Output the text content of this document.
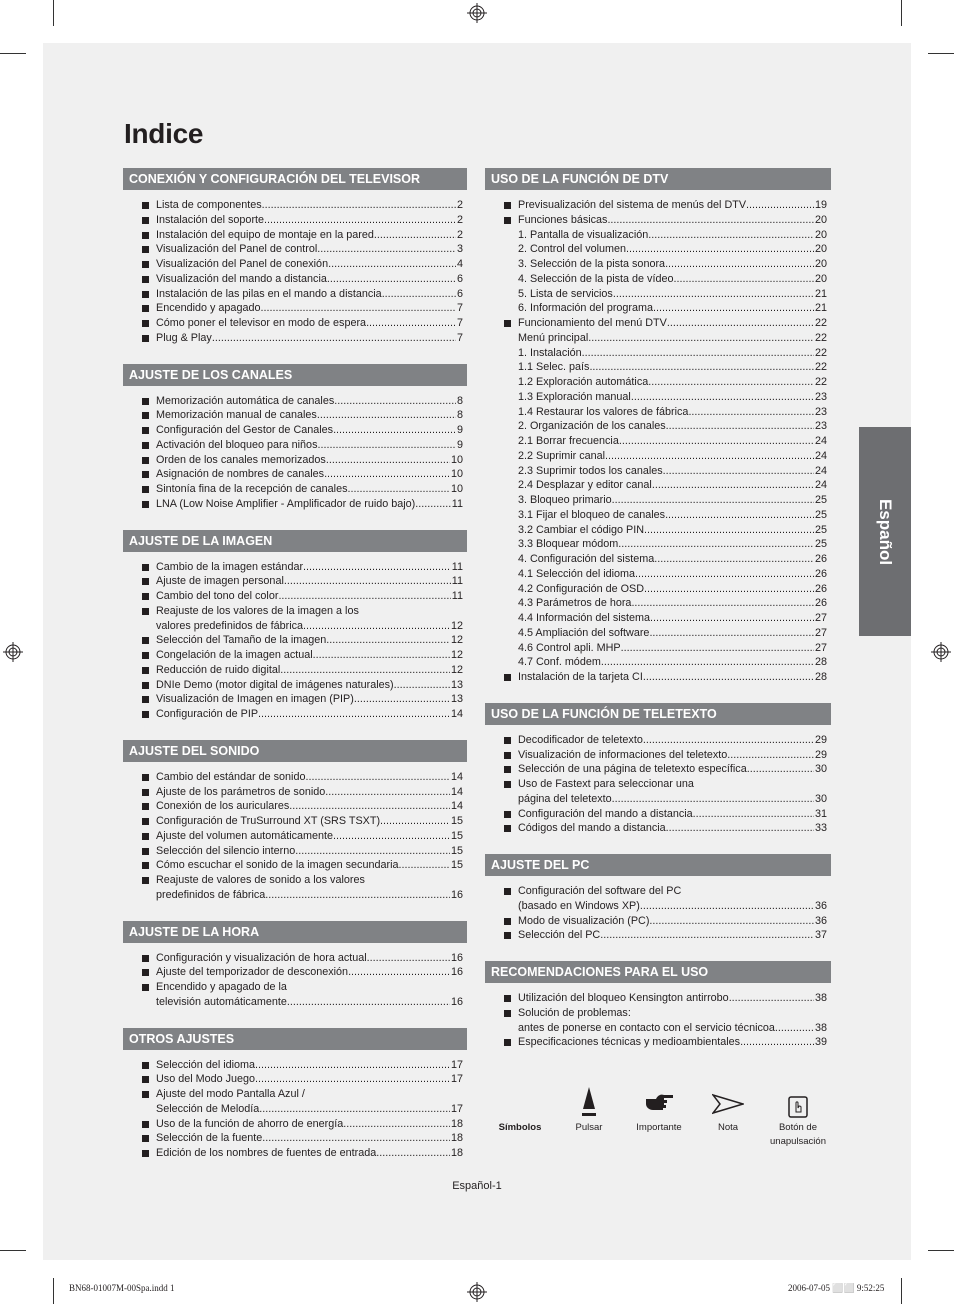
Indice
Español
CONEXIÓN Y CONFIGURACIÓN DEL TELEVISOR
Lista de componentes .....	2
Instalación del soporte .....	2
Instalación del equipo de montaje en la pared .....	2
Visualización del Panel de control .....	3
Visualización del Panel de conexión .....	4
Visualización del mando a distancia .....	6
Instalación de las pilas en el mando a distancia .....	6
Encendido y apagado .....	7
Cómo poner el televisor en modo de espera .....	7
Plug & Play .....	7
AJUSTE DE LOS CANALES
Memorización automática de canales .....	8
Memorización manual de canales .....	8
Configuración del Gestor de Canales .....	9
Activación del bloqueo para niños .....	9
Orden de los canales memorizados .....	10
Asignación de nombres de canales .....	10
Sintonía fina de la recepción de canales .....	10
LNA (Low Noise Amplifier - Amplificador de ruido bajo) .....	11
AJUSTE DE LA IMAGEN
Cambio de la imagen estándar .....	11
Ajuste de imagen personal .....	11
Cambio del tono del color .....	11
Reajuste de los valores de la imagen a los
valores predefinidos de fábrica .....	12
Selección del Tamaño de la imagen .....	12
Congelación de la imagen actual .....	12
Reducción de ruido digital .....	12
DNIe Demo (motor digital de imágenes naturales) .....	13
Visualización de Imagen en imagen (PIP) .....	13
Configuración de PIP .....	14
AJUSTE DEL SONIDO
Cambio del estándar de sonido .....	14
Ajuste de los parámetros de sonido .....	14
Conexión de los auriculares .....	14
Configuración de TruSurround XT (SRS TSXT) .....	15
Ajuste del volumen automáticamente .....	15
Selección del silencio interno .....	15
Cómo escuchar el sonido de la imagen secundaria .....	15
Reajuste de valores de sonido a los valores
predefinidos de fábrica .....	16
AJUSTE DE LA HORA
Configuración y visualización de hora actual .....	16
Ajuste del temporizador de desconexión .....	16
Encendido y apagado de la
televisión automáticamente .....	16
OTROS AJUSTES
Selección del idioma .....	17
Uso del Modo Juego .....	17
Ajuste del modo Pantalla Azul /
Selección de Melodía .....	17
Uso de la función de ahorro de energía .....	18
Selección de la fuente .....	18
Edición de los nombres de fuentes de entrada .....	18
USO DE LA FUNCIÓN DE DTV
Previsualización del sistema de menús del DTV .....	19
Funciones básicas .....	20
1. Pantalla de visualización .....	20
2. Control del volumen .....	20
3. Selección de la pista sonora .....	20
4. Selección de la pista de vídeo .....	20
5. Lista de servicios .....	21
6. Información del programa .....	21
Funcionamiento del menú DTV .....	22
Menú principal .....	22
1. Instalación .....	22
1.1 Selec. país .....	22
1.2 Exploración automática .....	22
1.3 Exploración manual .....	23
1.4 Restaurar los valores de fábrica .....	23
2. Organización de los canales .....	23
2.1 Borrar frecuencia .....	24
2.2 Suprimir canal .....	24
2.3 Suprimir todos los canales .....	24
2.4 Desplazar y editor canal .....	24
3. Bloqueo primario .....	25
3.1 Fijar el bloqueo de canales .....	25
3.2 Cambiar el código PIN .....	25
3.3 Bloquear módom .....	25
4. Configuración del sistema .....	26
4.1 Selección del idioma .....	26
4.2 Configuración de OSD .....	26
4.3 Parámetros de hora .....	26
4.4 Información del sistema .....	27
4.5 Ampliación del software .....	27
4.6 Control apli. MHP .....	27
4.7 Conf. módem .....	28
Instalación de la tarjeta CI .....	28
USO DE LA FUNCIÓN DE TELETEXTO
Decodificador de teletexto .....	29
Visualización de informaciones del teletexto .....	29
Selección de una página de teletexto específica .....	30
Uso de Fastext para seleccionar una
página del teletexto .....	30
Configuración del mando a distancia .....	31
Códigos del mando a distancia .....	33
AJUSTE DEL PC
Configuración del software del PC
(basado en Windows XP) .....	36
Modo de visualización (PC) .....	36
Selección del PC .....	37
RECOMENDACIONES PARA EL USO
Utilización del bloqueo Kensington antirrobo .....	38
Solución de problemas:
antes de ponerse en contacto con el servicio técnicoa .....	38
Especificaciones técnicas y medioambientales .....	39
Símbolos	Pulsar	Importante	Nota	Botón de
unapulsación
Español-1
BN68-01007M-00Spa.indd 1	2006-07-05 ⬜⬜ 9:52:25
